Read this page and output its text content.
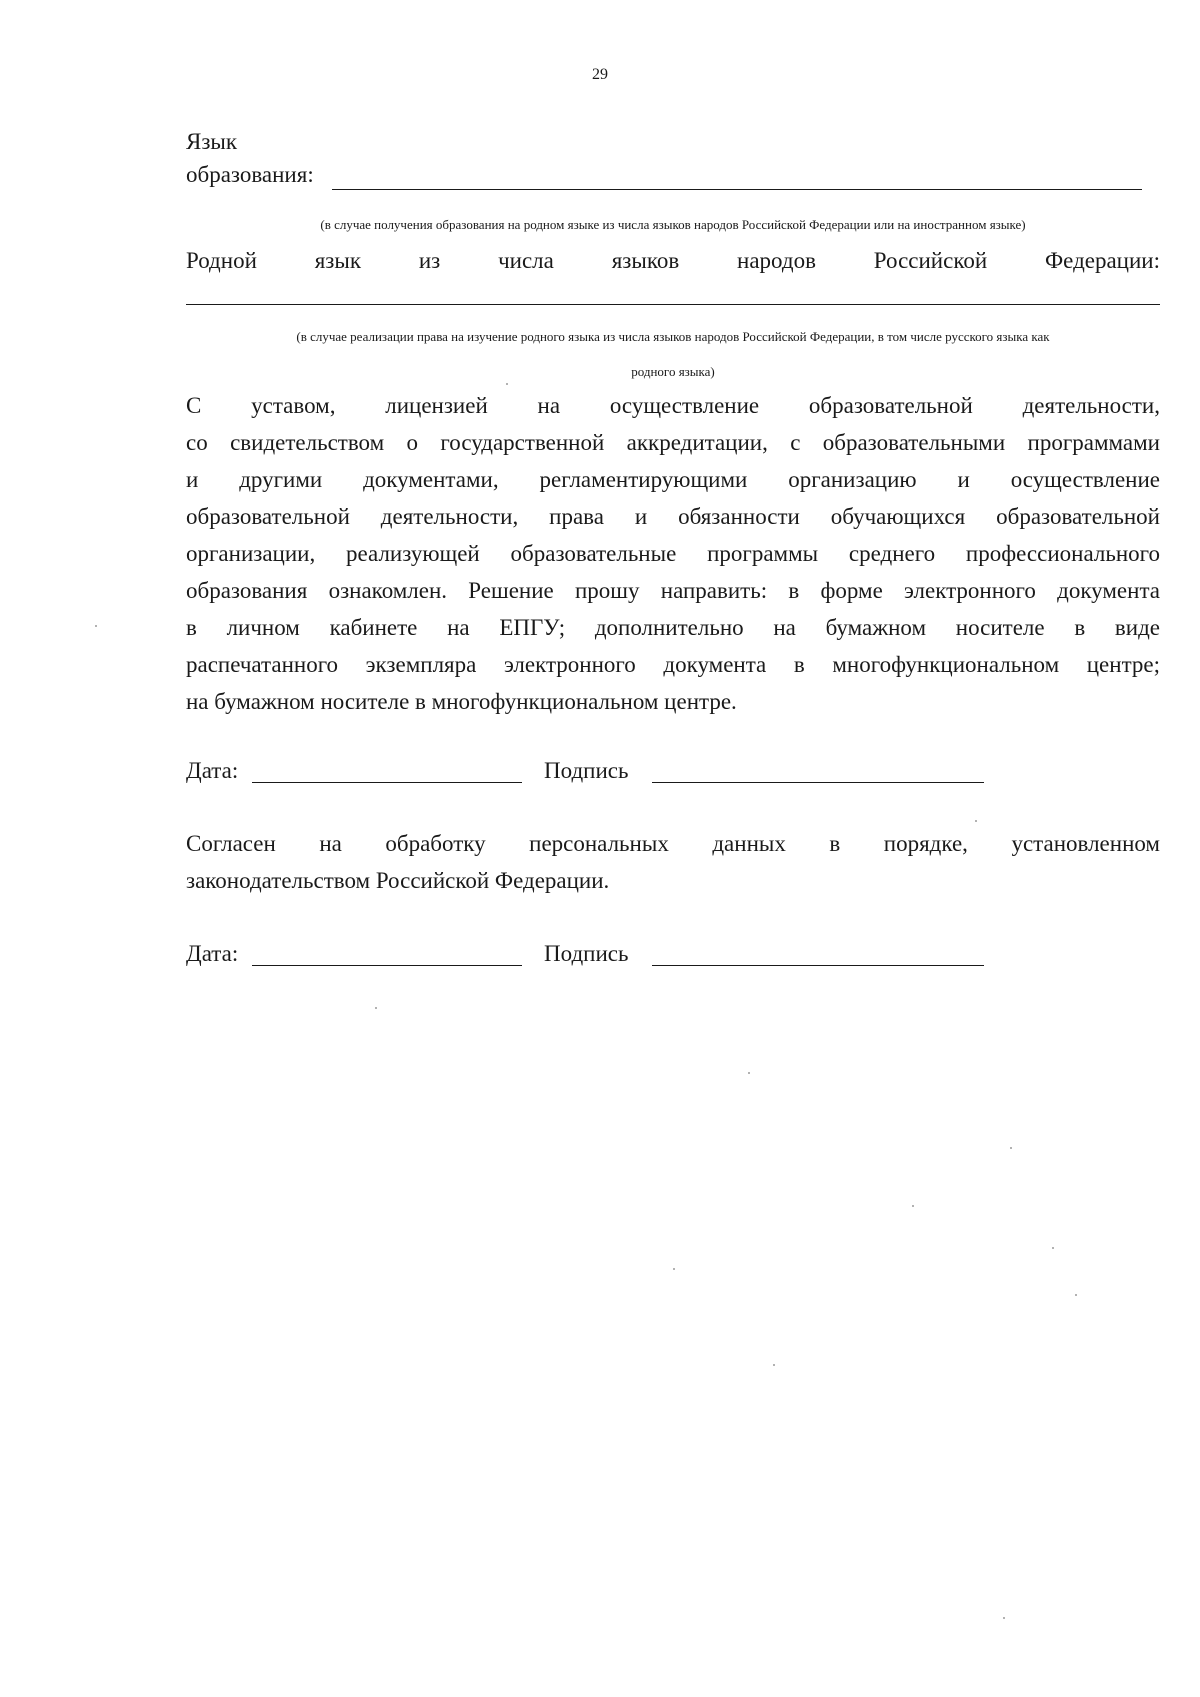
29
Язык
образования:
(в случае получения образования на родном языке из числа языков народов Российской Федерации или на иностранном языке)
Родной язык из числа языков народов Российской Федерации:
(в случае реализации права на изучение родного языка из числа языков народов Российской Федерации, в том числе русского языка как
родного языка)
С уставом, лицензией на осуществление образовательной деятельности,
со свидетельством о государственной аккредитации, с образовательными программами
и другими документами, регламентирующими организацию и осуществление
образовательной деятельности, права и обязанности обучающихся образовательной
организации, реализующей образовательные программы среднего профессионального
образования ознакомлен. Решение прошу направить: в форме электронного документа
в личном кабинете на ЕПГУ; дополнительно на бумажном носителе в виде
распечатанного экземпляра электронного документа в многофункциональном центре;
на бумажном носителе в многофункциональном центре.
Дата:	Подпись
Согласен на обработку персональных данных в порядке, установленном
законодательством Российской Федерации.
Дата:	Подпись
